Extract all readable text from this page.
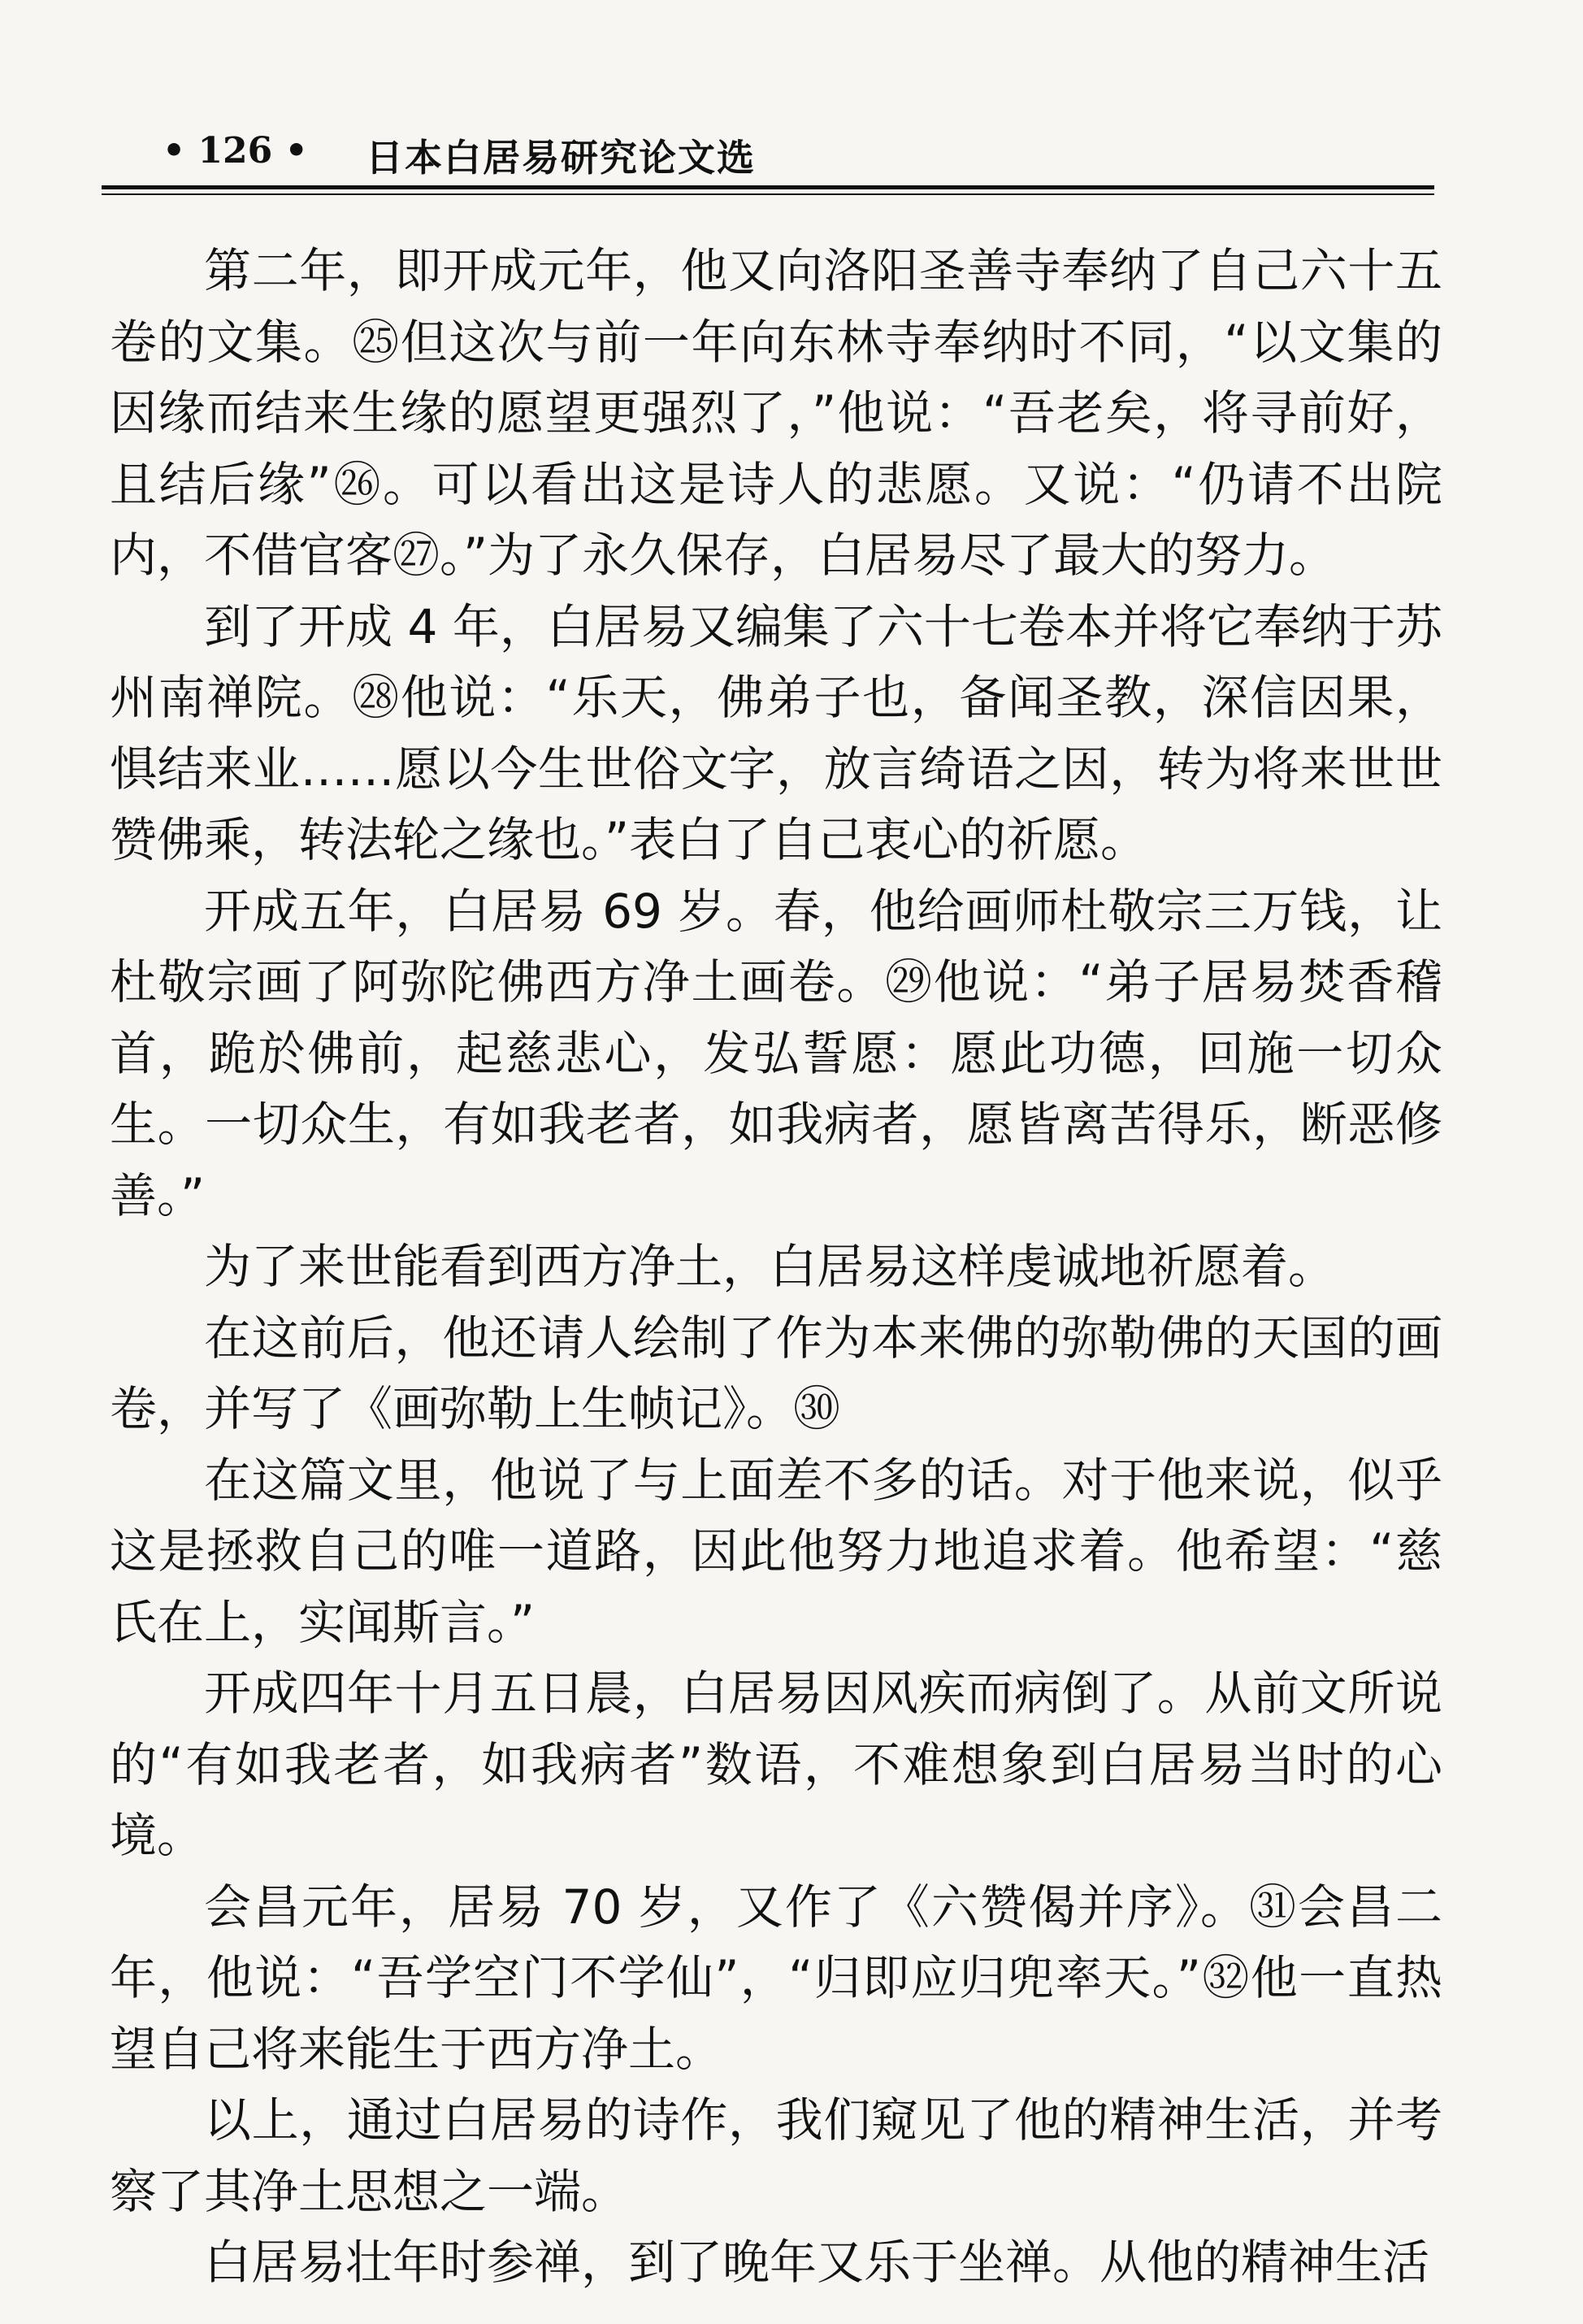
• 126 • 日本白居易研究论文选

第二年，即开成元年，他又向洛阳圣善寺奉纳了自己六十五卷的文集。㉕但这次与前一年向东林寺奉纳时不同，“以文集的因缘而结来生缘的愿望更强烈了，”他说：“吾老矣，将寻前好，且结后缘”㉖。可以看出这是诗人的悲愿。又说：“仍请不出院内，不借官客㉗。”为了永久保存，白居易尽了最大的努力。

到了开成 4 年，白居易又编集了六十七卷本并将它奉纳于苏州南禅院。㉘他说：“乐天，佛弟子也，备闻圣教，深信因果，惧结来业……愿以今生世俗文字，放言绮语之因，转为将来世世赞佛乘，转法轮之缘也。”表白了自己衷心的祈愿。

开成五年，白居易 69 岁。春，他给画师杜敬宗三万钱，让杜敬宗画了阿弥陀佛西方净土画卷。㉙他说：“弟子居易焚香稽首，跪於佛前，起慈悲心，发弘誓愿：愿此功德，回施一切众生。一切众生，有如我老者，如我病者，愿皆离苦得乐，断恶修善。”

为了来世能看到西方净土，白居易这样虔诚地祈愿着。

在这前后，他还请人绘制了作为本来佛的弥勒佛的天国的画卷，并写了《画弥勒上生帧记》。㉚

在这篇文里，他说了与上面差不多的话。对于他来说，似乎这是拯救自己的唯一道路，因此他努力地追求着。他希望：“慈氏在上，实闻斯言。”

开成四年十月五日晨，白居易因风疾而病倒了。从前文所说的“有如我老者，如我病者”数语，不难想象到白居易当时的心境。

会昌元年，居易 70 岁，又作了《六赞偈并序》。㉛会昌二年，他说：“吾学空门不学仙”，“归即应归兜率天。”㉜他一直热望自己将来能生于西方净土。

以上，通过白居易的诗作，我们窥见了他的精神生活，并考察了其净土思想之一端。

白居易壮年时参禅，到了晚年又乐于坐禅。从他的精神生活
